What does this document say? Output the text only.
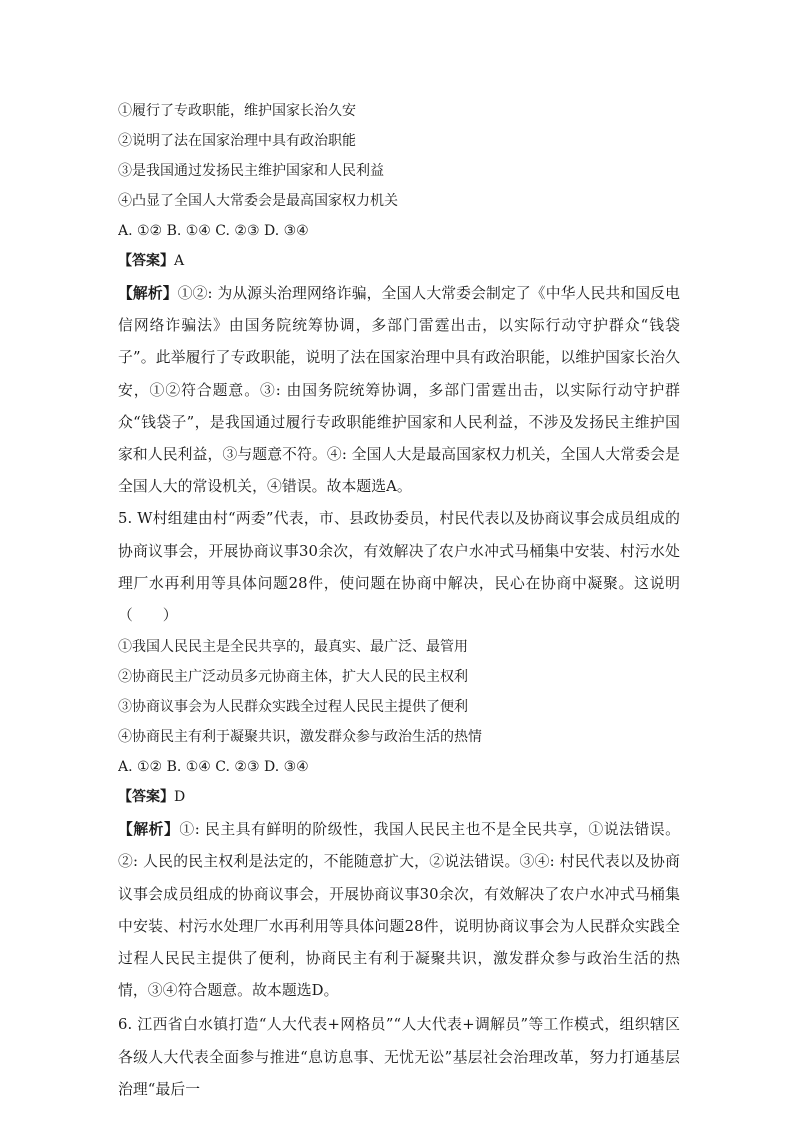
①履行了专政职能，维护国家长治久安
②说明了法在国家治理中具有政治职能
③是我国通过发扬民主维护国家和人民利益
④凸显了全国人大常委会是最高国家权力机关
A. ①② B. ①④ C. ②③ D. ③④
【答案】A
【解析】①②: 为从源头治理网络诈骗，全国人大常委会制定了《中华人民共和国反电信网络诈骗法》由国务院统筹协调，多部门雷霆出击，以实际行动守护群众“钱袋子”。此举履行了专政职能，说明了法在国家治理中具有政治职能，以维护国家长治久安，①②符合题意。③: 由国务院统筹协调，多部门雷霆出击，以实际行动守护群众“钱袋子”，是我国通过履行专政职能维护国家和人民利益，不涉及发扬民主维护国家和人民利益，③与题意不符。④: 全国人大是最高国家权力机关，全国人大常委会是全国人大的常设机关，④错误。故本题选A。
5. W村组建由村“两委”代表，市、县政协委员，村民代表以及协商议事会成员组成的协商议事会，开展协商议事30余次，有效解决了农户水冲式马桶集中安装、村污水处理厂水再利用等具体问题28件，使问题在协商中解决，民心在协商中凝聚。这说明（　　）
①我国人民民主是全民共享的，最真实、最广泛、最管用
②协商民主广泛动员多元协商主体，扩大人民的民主权利
③协商议事会为人民群众实践全过程人民民主提供了便利
④协商民主有利于凝聚共识，激发群众参与政治生活的热情
A. ①② B. ①④ C. ②③ D. ③④
【答案】D
【解析】①: 民主具有鲜明的阶级性，我国人民民主也不是全民共享，①说法错误。②: 人民的民主权利是法定的，不能随意扩大，②说法错误。③④: 村民代表以及协商议事会成员组成的协商议事会，开展协商议事30余次，有效解决了农户水冲式马桶集中安装、村污水处理厂水再利用等具体问题28件，说明协商议事会为人民群众实践全过程人民民主提供了便利，协商民主有利于凝聚共识，激发群众参与政治生活的热情，③④符合题意。故本题选D。
6. 江西省白水镇打造“人大代表+网格员”“人大代表+调解员”等工作模式，组织辖区各级人大代表全面参与推进“息访息事、无忧无讼”基层社会治理改革，努力打通基层治理“最后一
